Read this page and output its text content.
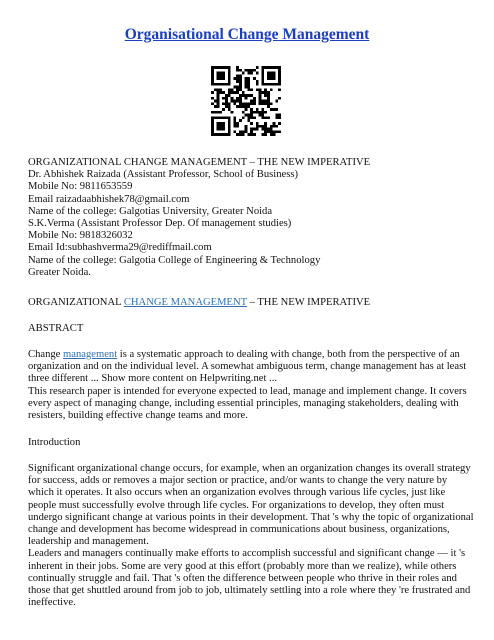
Organisational Change Management

ORGANIZATIONAL CHANGE MANAGEMENT – THE NEW IMPERATIVE

Dr. Abhishek Raizada (Assistant Professor, School of Business)

Mobile No: 9811653559

Email raizadaabhishek78@gmail.com

Name of the college: Galgotias University, Greater Noida

S.K.Verma (Assistant Professor Dep. Of management studies)

Mobile No: 9818326032

Email Id:subhashverma29@rediffmail.com

Name of the college: Galgotia College of Engineering & Technology

Greater Noida.

ORGANIZATIONAL CHANGE MANAGEMENT – THE NEW IMPERATIVE

ABSTRACT

Change management is a systematic approach to dealing with change, both from the perspective of an organization and on the individual level. A somewhat ambiguous term, change management has at least three different ... Show more content on Helpwriting.net ...

This research paper is intended for everyone expected to lead, manage and implement change. It covers every aspect of managing change, including essential principles, managing stakeholders, dealing with resisters, building effective change teams and more.

Introduction

Significant organizational change occurs, for example, when an organization changes its overall strategy for success, adds or removes a major section or practice, and/or wants to change the very nature by which it operates. It also occurs when an organization evolves through various life cycles, just like people must successfully evolve through life cycles. For organizations to develop, they often must undergo significant change at various points in their development. That 's why the topic of organizational change and development has become widespread in communications about business, organizations, leadership and management.

Leaders and managers continually make efforts to accomplish successful and significant change — it 's inherent in their jobs. Some are very good at this effort (probably more than we realize), while others continually struggle and fail. That 's often the difference between people who thrive in their roles and those that get shuttled around from job to job, ultimately settling into a role where they 're frustrated and ineffective.
